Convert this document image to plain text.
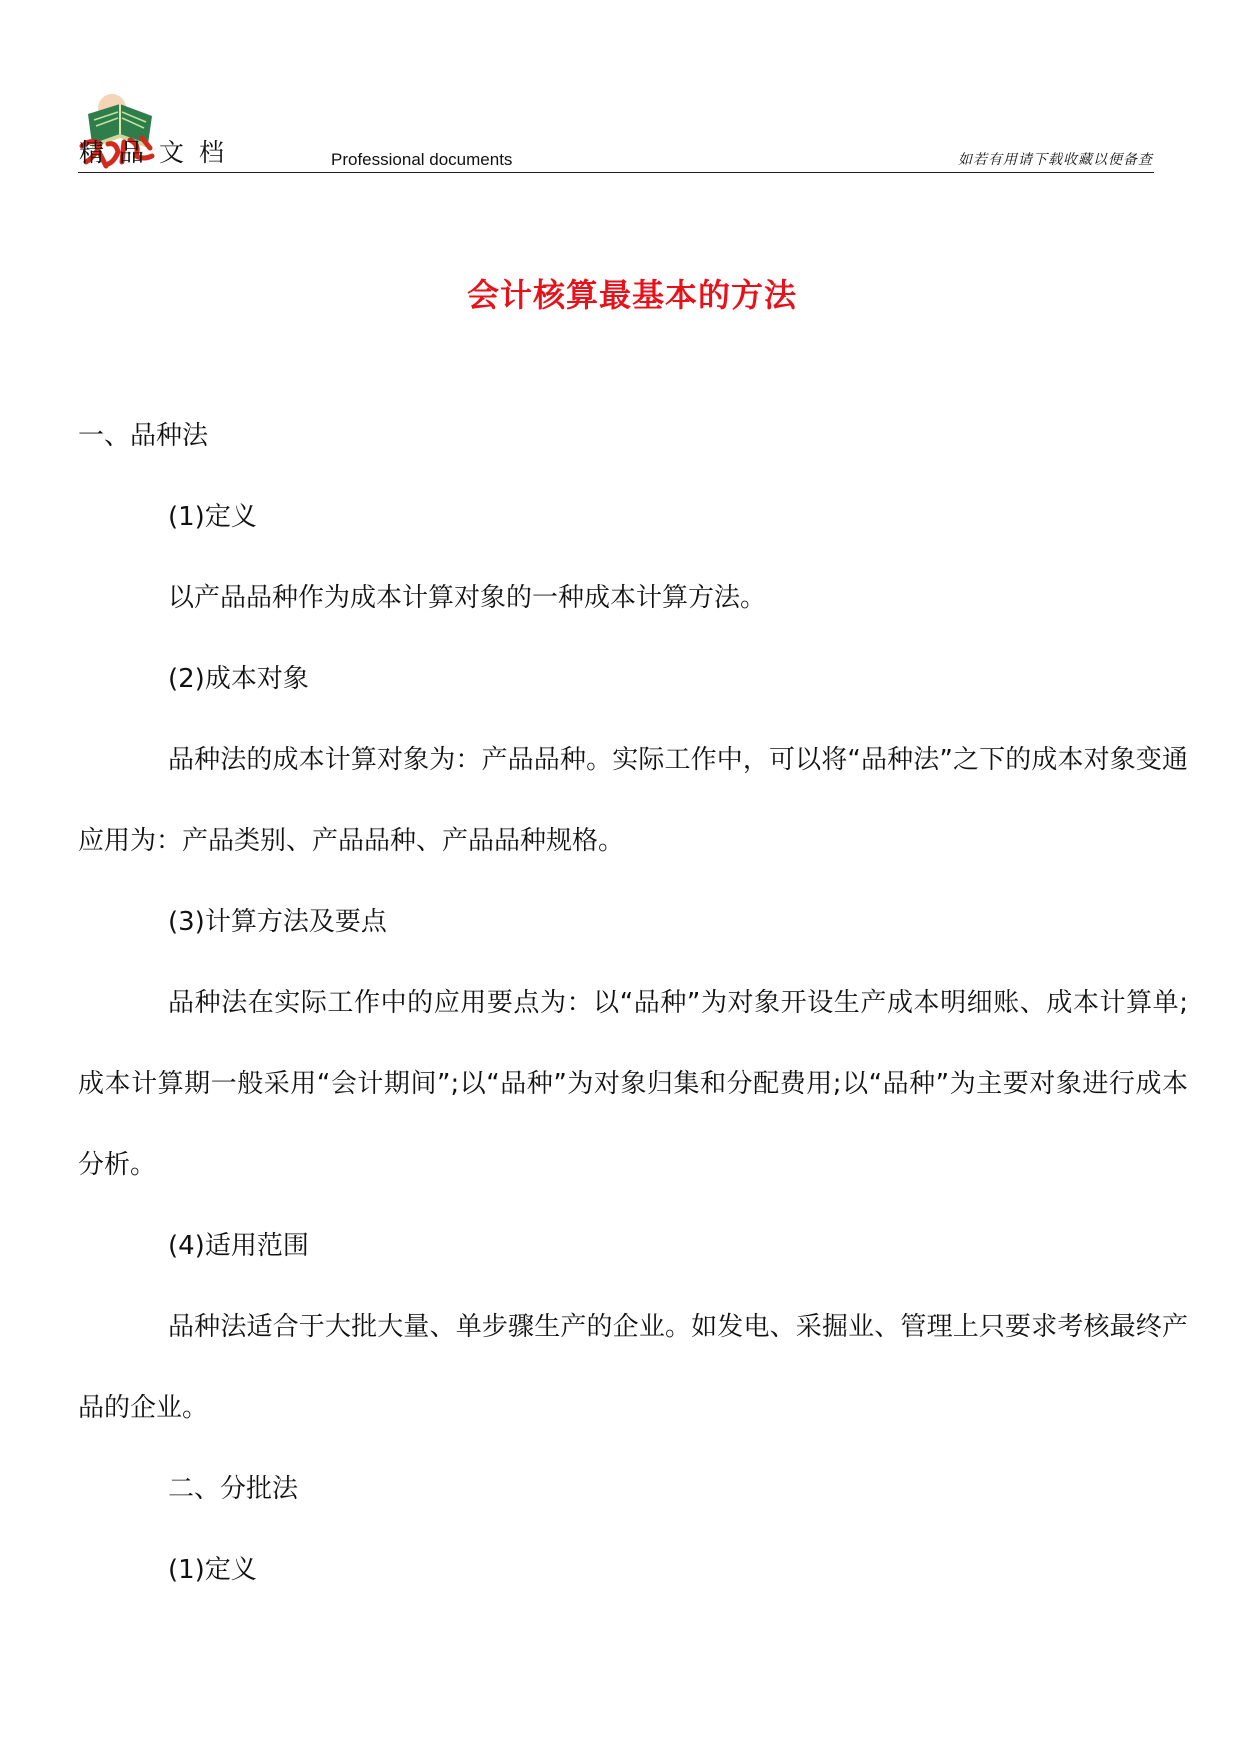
精品文档	Professional documents	如若有用请下载收藏以便备查
会计核算最基本的方法

一、品种法

(1)定义

以产品品种作为成本计算对象的一种成本计算方法。

(2)成本对象

品种法的成本计算对象为：产品品种。实际工作中，可以将“品种法”之下的成本对象变通应用为：产品类别、产品品种、产品品种规格。

(3)计算方法及要点

品种法在实际工作中的应用要点为：以“品种”为对象开设生产成本明细账、成本计算单;成本计算期一般采用“会计期间”;以“品种”为对象归集和分配费用;以“品种”为主要对象进行成本分析。

(4)适用范围

品种法适合于大批大量、单步骤生产的企业。如发电、采掘业、管理上只要求考核最终产品的企业。

二、分批法

(1)定义
